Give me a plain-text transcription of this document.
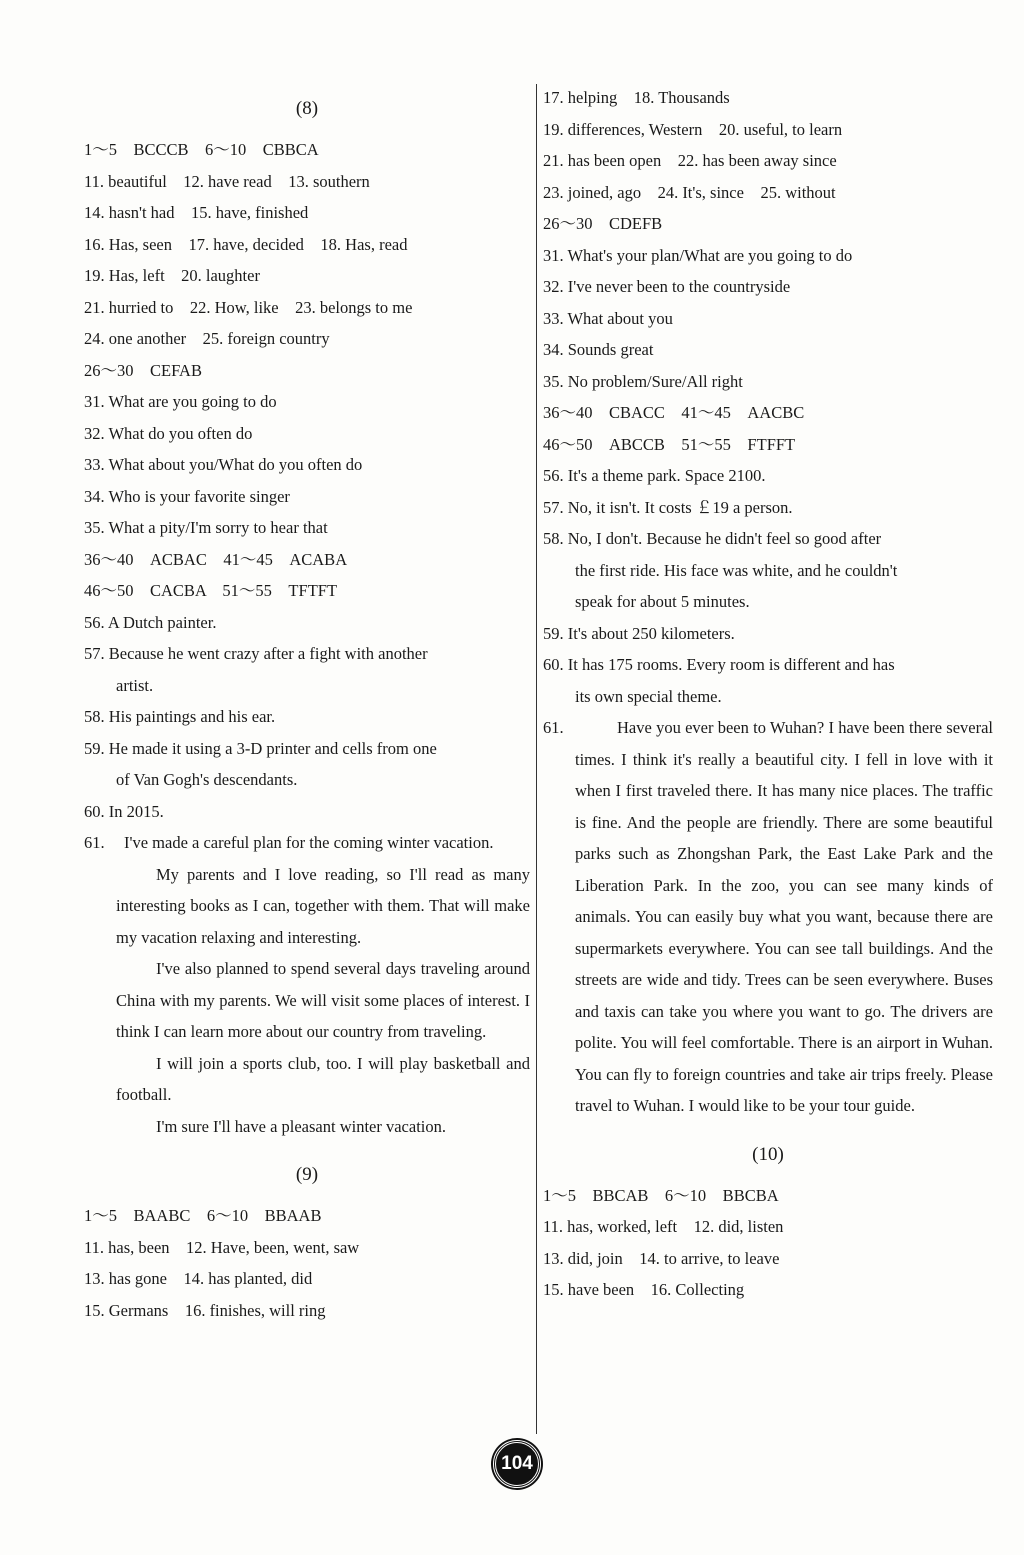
(8)
1～5　BCCCB　6～10　CBBCA
11. beautiful　12. have read　13. southern
14. hasn't had　15. have, finished
16. Has, seen　17. have, decided　18. Has, read
19. Has, left　20. laughter
21. hurried to　22. How, like　23. belongs to me
24. one another　25. foreign country
26～30　CEFAB
31. What are you going to do
32. What do you often do
33. What about you/What do you often do
34. Who is your favorite singer
35. What a pity/I'm sorry to hear that
36～40　ACBAC　41～45　ACABA
46～50　CACBA　51～55　TFTFT
56. A Dutch painter.
57. Because he went crazy after a fight with another
artist.
58. His paintings and his ear.
59. He made it using a 3-D printer and cells from one
of Van Gogh's descendants.
60. In 2015.

61. I've made a careful plan for the coming winter vacation.

My parents and I love reading, so I'll read as many interesting books as I can, together with them. That will make my vacation relaxing and interesting.

I've also planned to spend several days traveling around China with my parents. We will visit some places of interest. I think I can learn more about our country from traveling.

I will join a sports club, too. I will play basketball and football.

I'm sure I'll have a pleasant winter vacation.

(9)
1～5　BAABC　6～10　BBAAB
11. has, been　12. Have, been, went, saw
13. has gone　14. has planted, did
15. Germans　16. finishes, will ring
17. helping　18. Thousands
19. differences, Western　20. useful, to learn
21. has been open　22. has been away since
23. joined, ago　24. It's, since　25. without
26～30　CDEFB
31. What's your plan/What are you going to do
32. I've never been to the countryside
33. What about you
34. Sounds great
35. No problem/Sure/All right
36～40　CBACC　41～45　AACBC
46～50　ABCCB　51～55　FTFFT
56. It's a theme park. Space 2100.
57. No, it isn't. It costs ￡19 a person.
58. No, I don't. Because he didn't feel so good after
the first ride. His face was white, and he couldn't
speak for about 5 minutes.
59. It's about 250 kilometers.
60. It has 175 rooms. Every room is different and has
its own special theme.
61.	Have you ever been to Wuhan? I have been there several times. I think it's really a beautiful city. I fell in love with it when I first traveled there. It has many nice places. The traffic is fine. And the people are friendly. There are some beautiful parks such as Zhongshan Park, the East Lake Park and the Liberation Park. In the zoo, you can see many kinds of animals. You can easily buy what you want, because there are supermarkets everywhere. You can see tall buildings. And the streets are wide and tidy. Trees can be seen everywhere. Buses and taxis can take you where you want to go. The drivers are polite. You will feel comfortable. There is an airport in Wuhan. You can fly to foreign countries and take air trips freely. Please travel to Wuhan. I would like to be your tour guide.

(10)
1～5　BBCAB　6～10　BBCBA
11. has, worked, left　12. did, listen
13. did, join　14. to arrive, to leave
15. have been　16. Collecting
104
